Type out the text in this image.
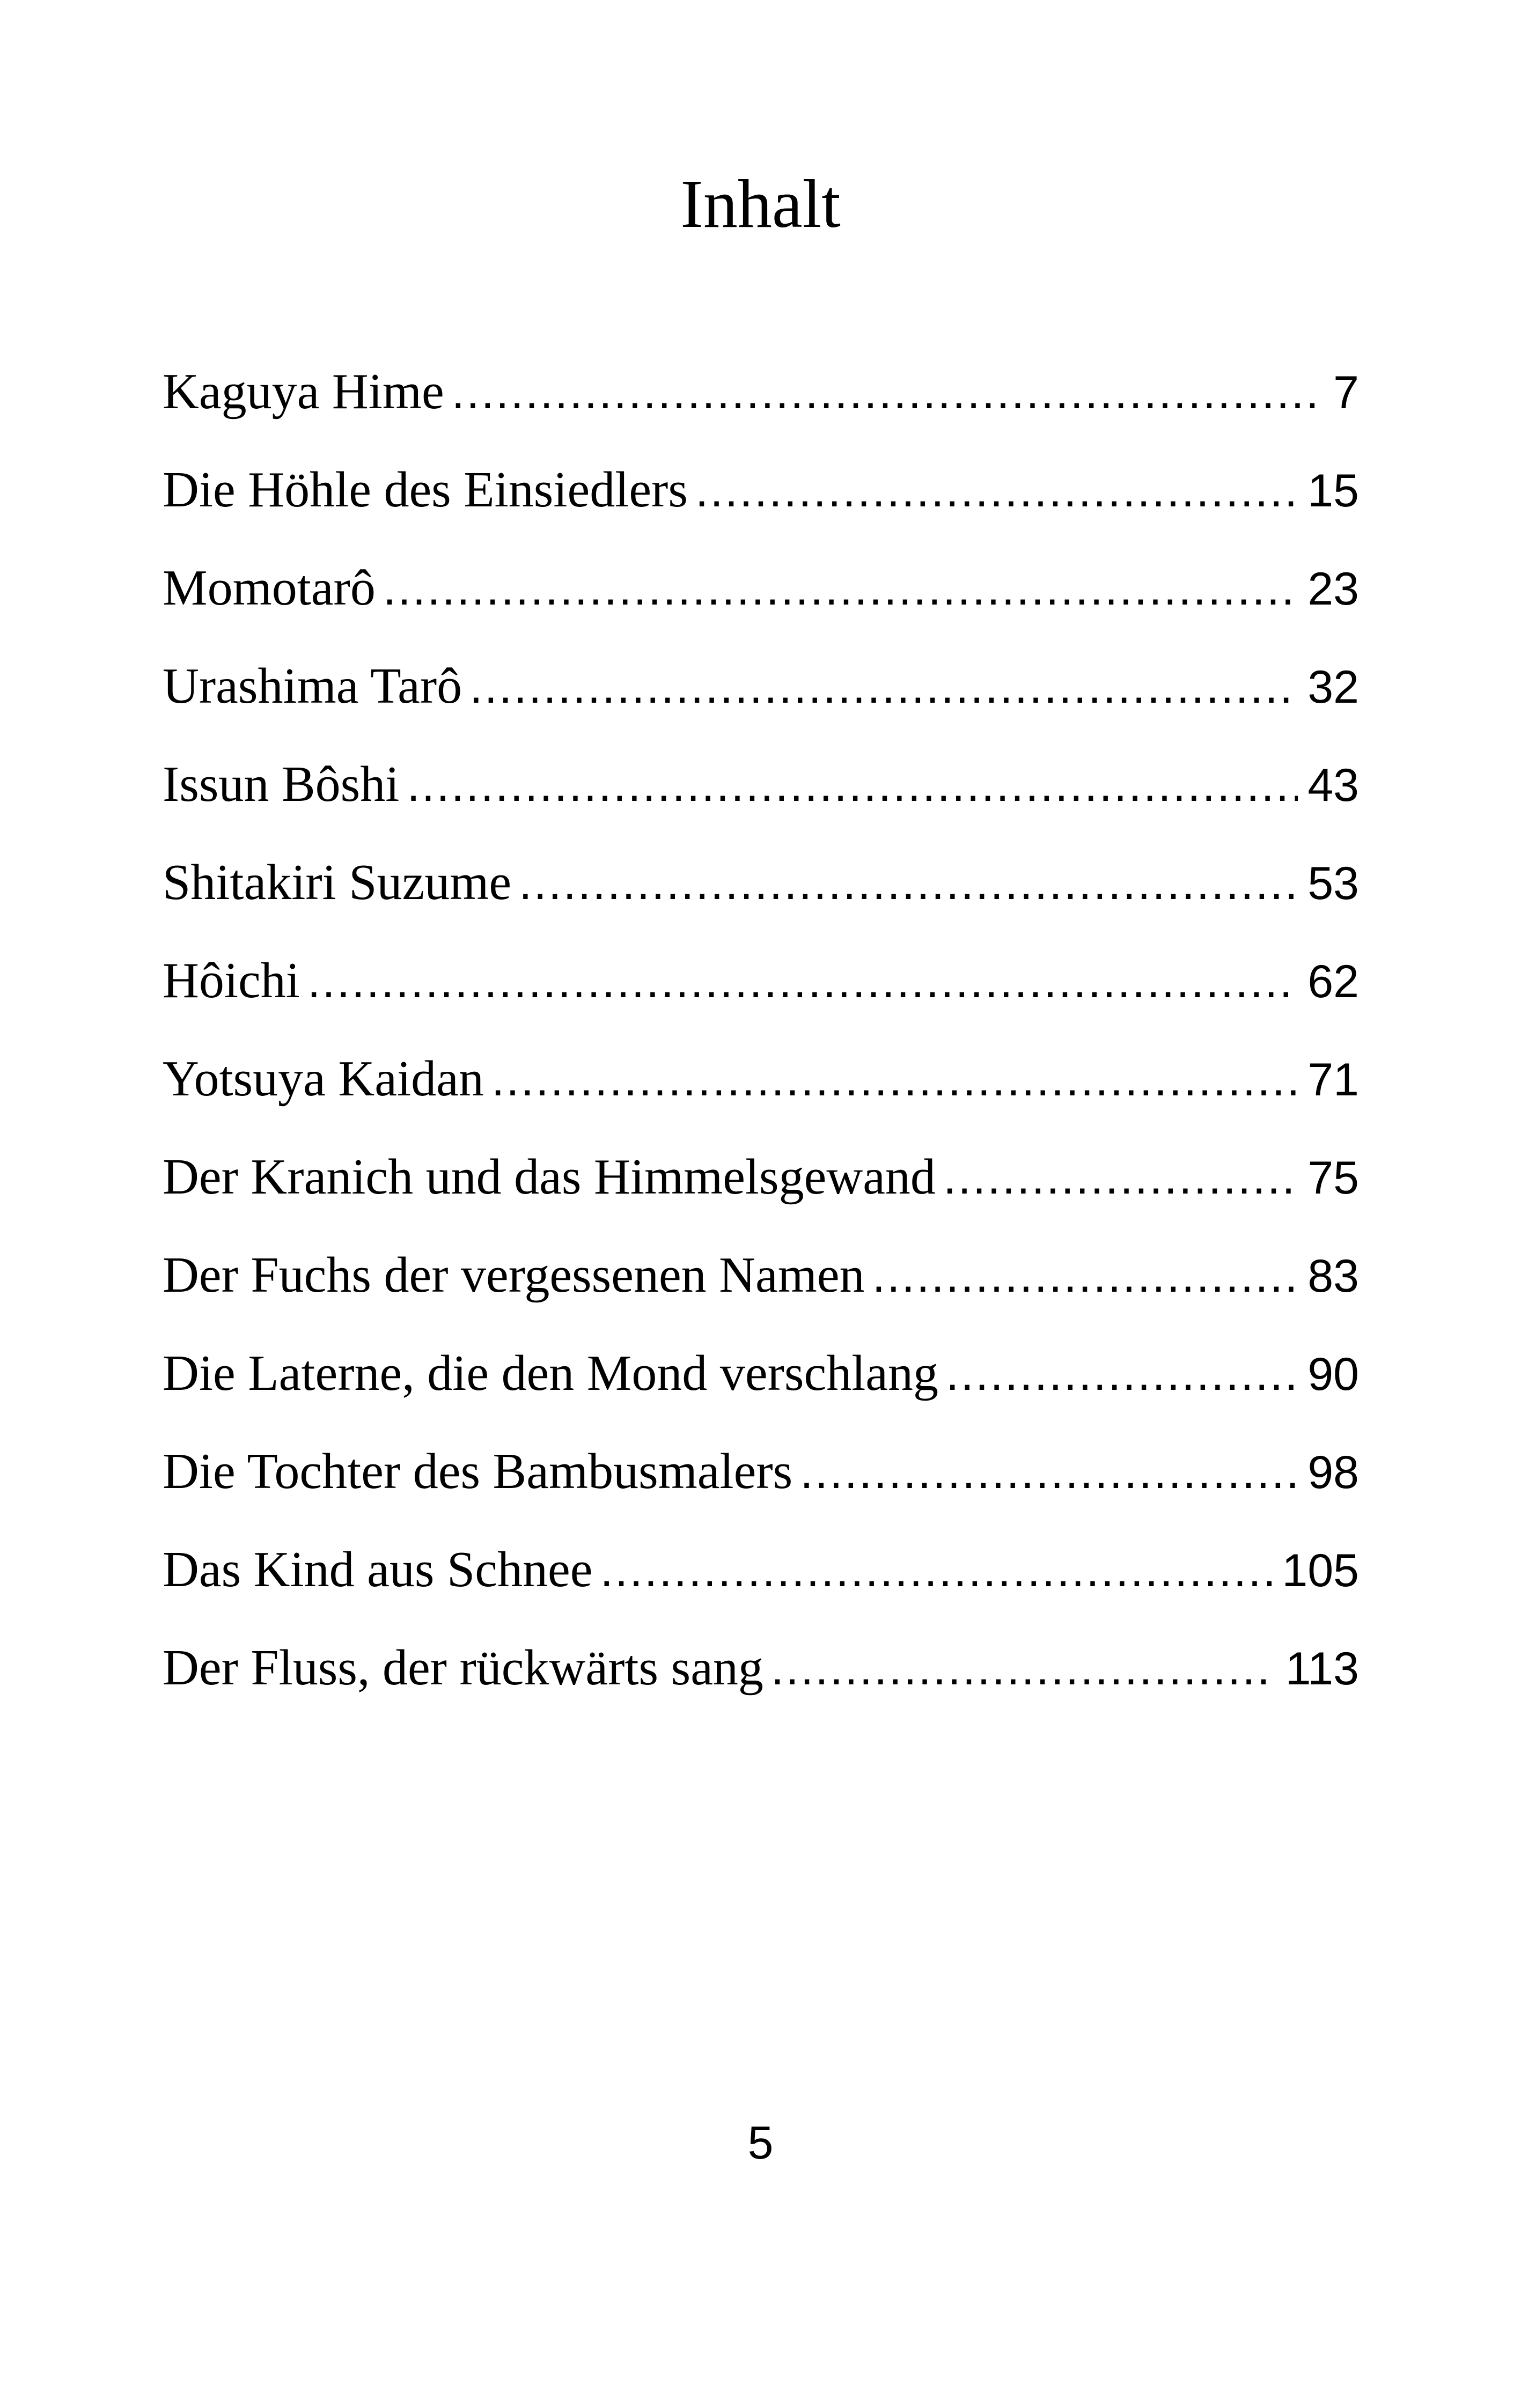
Inhalt
Kaguya Hime .....	7
Die Höhle des Einsiedlers .....	15
Momotarô .....	23
Urashima Tarô .....	32
Issun Bôshi .....	43
Shitakiri Suzume .....	53
Hôichi .....	62
Yotsuya Kaidan .....	71
Der Kranich und das Himmelsgewand .....	75
Der Fuchs der vergessenen Namen .....	83
Die Laterne, die den Mond verschlang .....	90
Die Tochter des Bambusmalers .....	98
Das Kind aus Schnee .....	105
Der Fluss, der rückwärts sang .....	113
5
